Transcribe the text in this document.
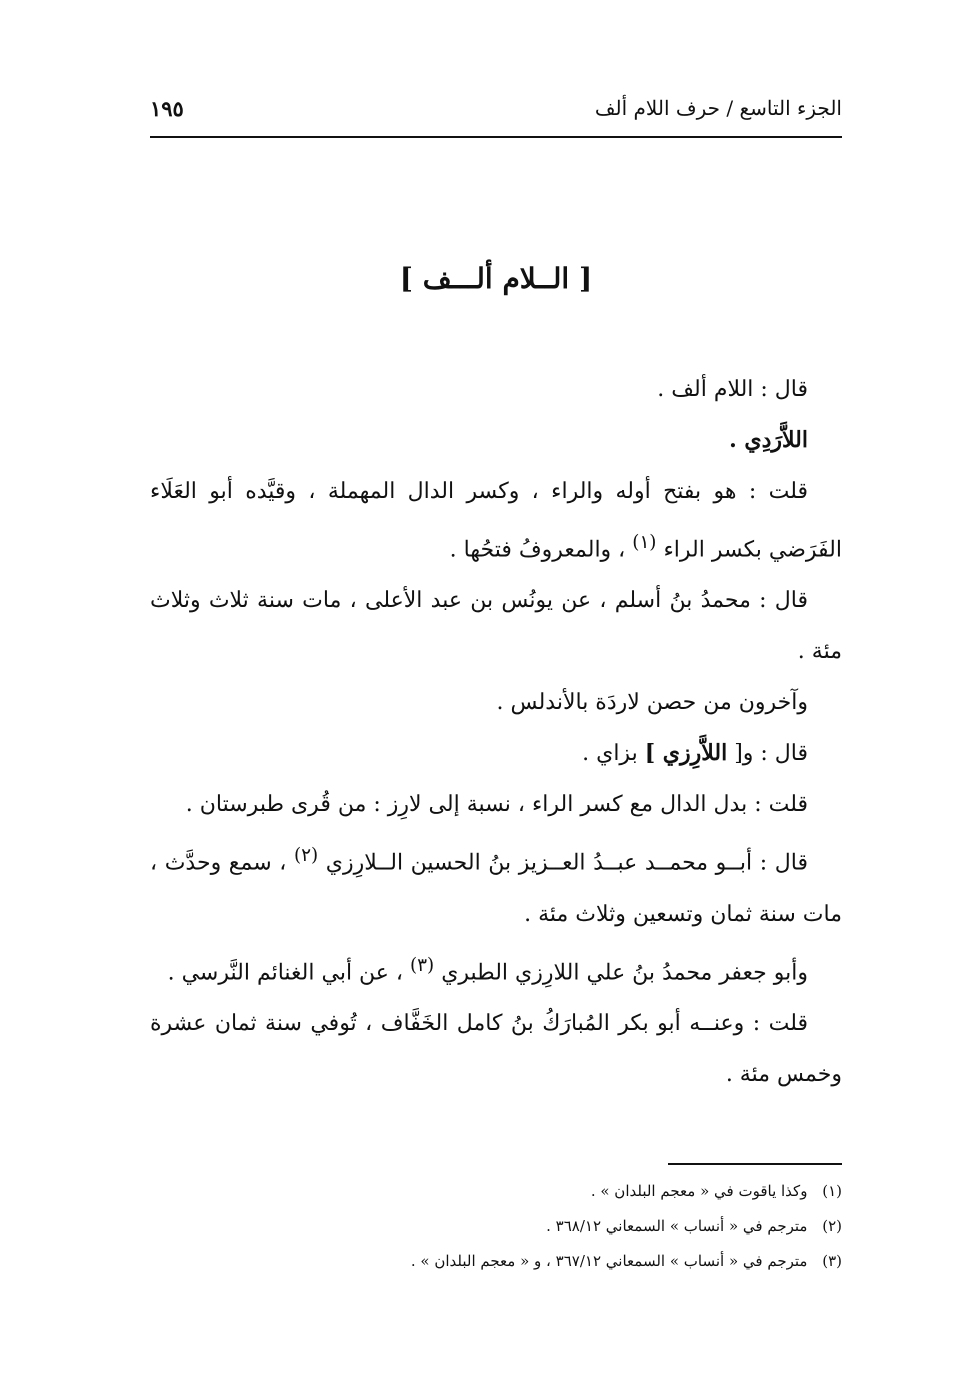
الجزء التاسع / حرف اللام ألف
١٩٥
[ الــلام ألـــف ]

قال : اللام ألف .

اللاَّرَدِي .

قلت : هو بفتح أوله والراء ، وكسر الدال المهملة ، وقيَّده أبو العَلَاء الفَرَضي بكسر الراء $^{(١)}$ ، والمعروفُ فتحُها .

قال : محمدُ بنُ أسلم ، عن يونُس بن عبد الأعلى ، مات سنة ثلاث وثلاث مئة .

وآخرون من حصن لاردَة بالأندلس .

قال : و[ اللاَّرِزي ] بزاي .

قلت : بدل الدال مع كسر الراء ، نسبة إلى لارِز : من قُرى طبرستان .

قال : أبــو محمــد عبــدُ العــزيز بنُ الحسين الــلارِزي $^{(٢)}$ ، سمع وحدَّث ، مات سنة ثمان وتسعين وثلاث مئة .

وأبو جعفر محمدُ بنُ علي اللارِزي الطبري $^{(٣)}$ ، عن أبي الغنائم النَّرسي .

قلت : وعنــه أبو بكر المُبارَكُ بنُ كامل الخَفَّاف ، تُوفي سنة ثمان عشرة وخمس مئة .

(١) وكذا ياقوت في « معجم البلدان » .

(٢) مترجم في « أنساب » السمعاني ٣٦٨/١٢ .

(٣) مترجم في « أنساب » السمعاني ٣٦٧/١٢ ، و « معجم البلدان » .
